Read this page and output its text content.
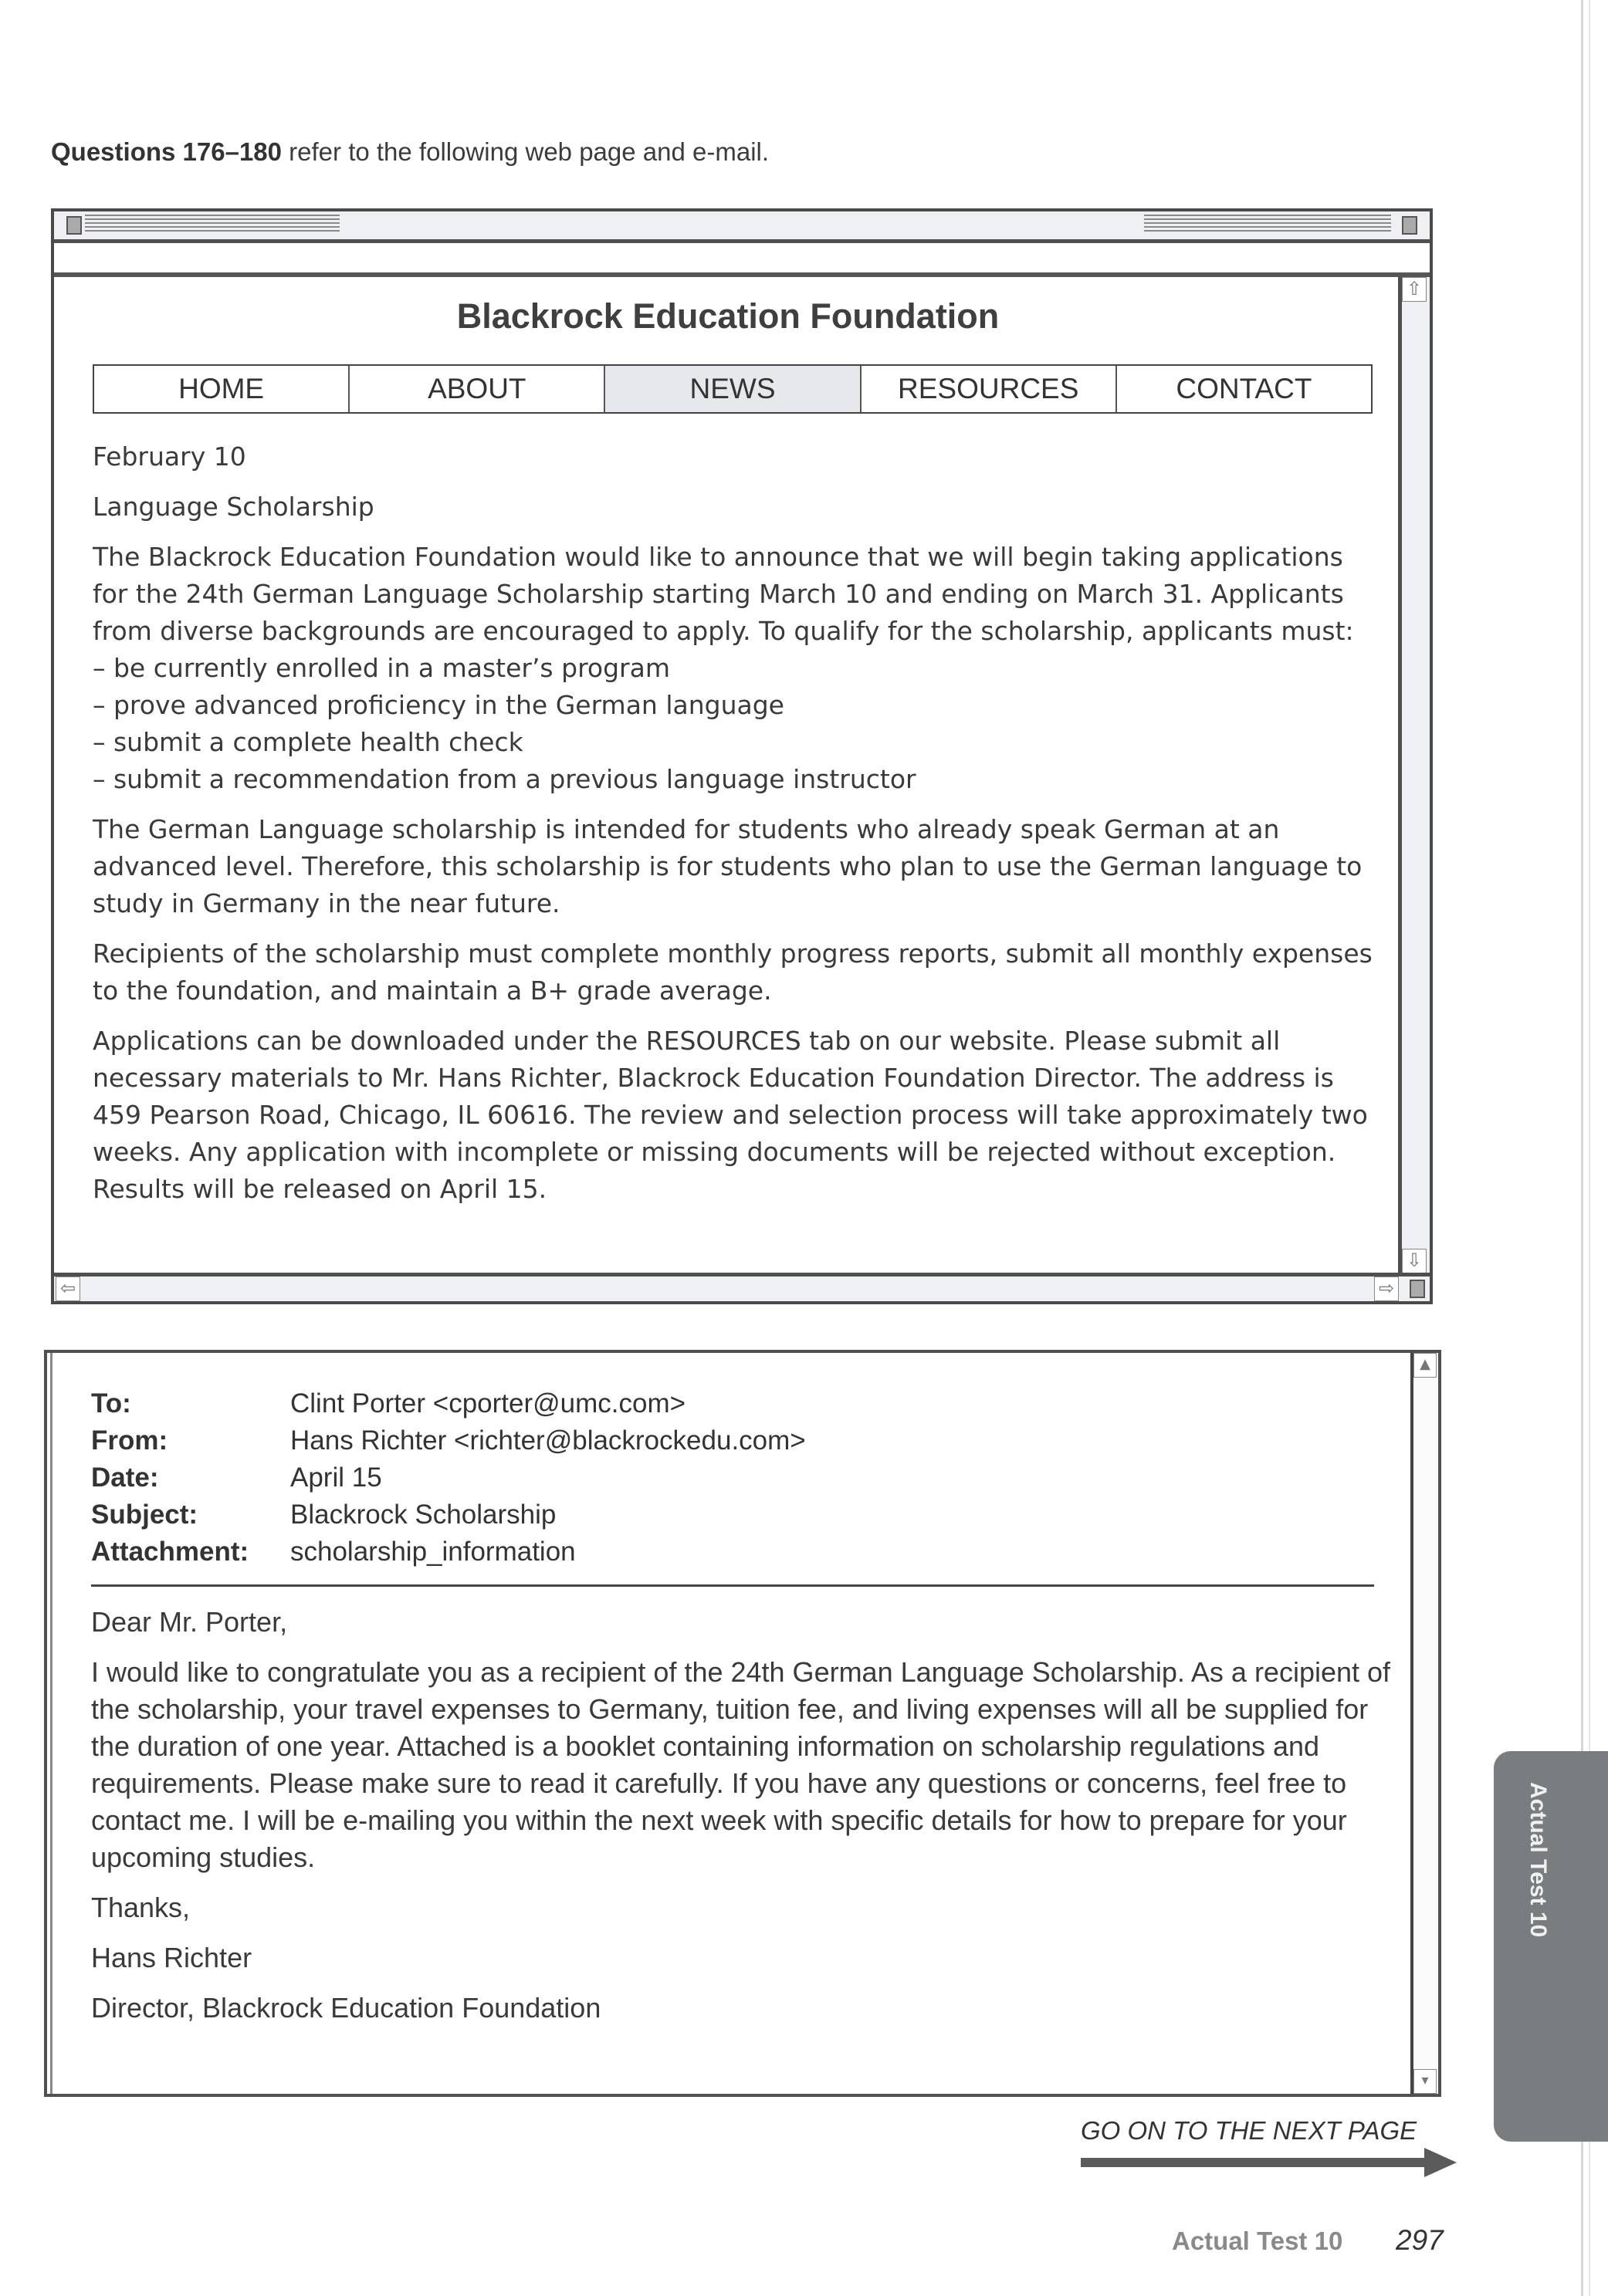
Questions 176–180 refer to the following web page and e-mail.
Blackrock Education Foundation
HOME	ABOUT	NEWS	RESOURCES	CONTACT

February 10

Language Scholarship

The Blackrock Education Foundation would like to announce that we will begin taking applications for the 24th German Language Scholarship starting March 10 and ending on March 31. Applicants from diverse backgrounds are encouraged to apply. To qualify for the scholarship, applicants must:
– be currently enrolled in a master’s program
– prove advanced proficiency in the German language
– submit a complete health check
– submit a recommendation from a previous language instructor

The German Language scholarship is intended for students who already speak German at an advanced level. Therefore, this scholarship is for students who plan to use the German language to study in Germany in the near future.

Recipients of the scholarship must complete monthly progress reports, submit all monthly expenses to the foundation, and maintain a B+ grade average.

Applications can be downloaded under the RESOURCES tab on our website. Please submit all necessary materials to Mr. Hans Richter, Blackrock Education Foundation Director. The address is 459 Pearson Road, Chicago, IL 60616. The review and selection process will take approximately two weeks. Any application with incomplete or missing documents will be rejected without exception. Results will be released on April 15.

⇧
⇩
⇦	⇨
To:	Clint Porter <cporter@umc.com>
From:	Hans Richter <richter@blackrockedu.com>
Date:	April 15
Subject:	Blackrock Scholarship
Attachment:	scholarship_information

Dear Mr. Porter,

I would like to congratulate you as a recipient of the 24th German Language Scholarship. As a recipient of the scholarship, your travel expenses to Germany, tuition fee, and living expenses will all be supplied for the duration of one year. Attached is a booklet containing information on scholarship regulations and requirements. Please make sure to read it carefully. If you have any questions or concerns, feel free to contact me. I will be e-mailing you within the next week with specific details for how to prepare for your upcoming studies.

Thanks,

Hans Richter

Director, Blackrock Education Foundation

▲
▾
GO ON TO THE NEXT PAGE
Actual Test 10 297
Actual Test 10
